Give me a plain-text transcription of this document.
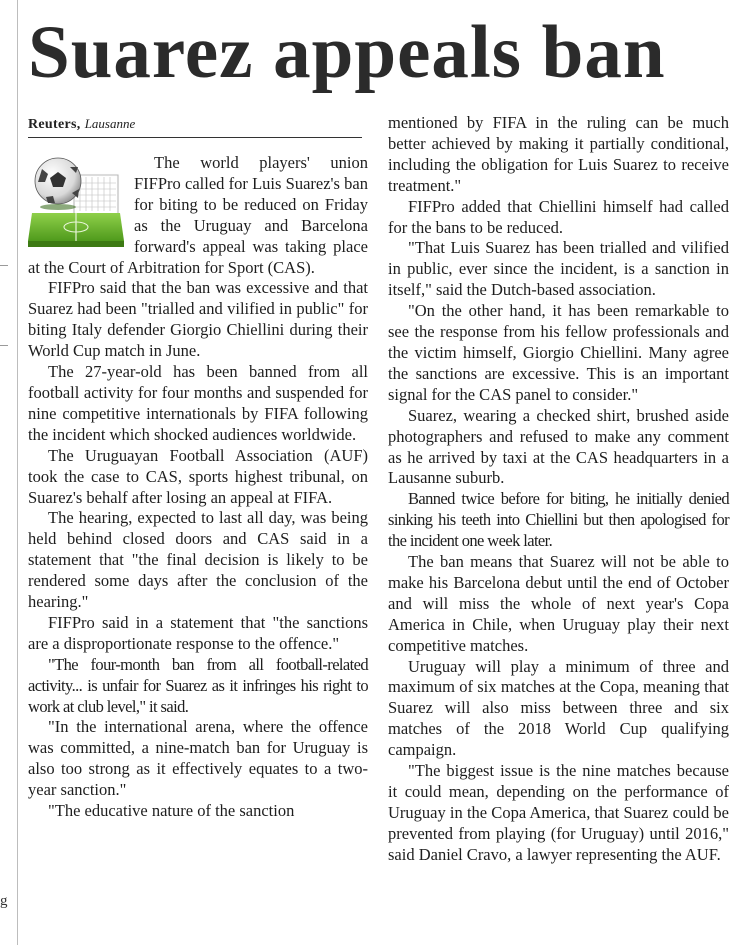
g
Suarez appeals ban
Reuters, Lausanne

The world players' union FIFPro called for Luis Suarez's ban for biting to be reduced on Friday as the Uruguay and Barcelona forward's appeal was taking place at the Court of Arbitration for Sport (CAS).

FIFPro said that the ban was excessive and that Suarez had been "trialled and vilified in public" for biting Italy defender Giorgio Chiellini during their World Cup match in June.

The 27-year-old has been banned from all football activity for four months and suspended for nine competitive internationals by FIFA following the incident which shocked audiences worldwide.

The Uruguayan Football Association (AUF) took the case to CAS, sports highest tribunal, on Suarez's behalf after losing an appeal at FIFA.

The hearing, expected to last all day, was being held behind closed doors and CAS said in a statement that "the final decision is likely to be rendered some days after the conclusion of the hearing."

FIFPro said in a statement that "the sanctions are a disproportionate response to the offence."

"The four-month ban from all football-related activity... is unfair for Suarez as it infringes his right to work at club level," it said.

"In the international arena, where the offence was committed, a nine-match ban for Uruguay is also too strong as it effectively equates to a two-year sanction."

"The educative nature of the sanction

mentioned by FIFA in the ruling can be much better achieved by making it partially conditional, including the obligation for Luis Suarez to receive treatment."

FIFPro added that Chiellini himself had called for the bans to be reduced.

"That Luis Suarez has been trialled and vilified in public, ever since the incident, is a sanction in itself," said the Dutch-based association.

"On the other hand, it has been remarkable to see the response from his fellow professionals and the victim himself, Giorgio Chiellini. Many agree the sanctions are excessive. This is an important signal for the CAS panel to consider."

Suarez, wearing a checked shirt, brushed aside photographers and refused to make any comment as he arrived by taxi at the CAS headquarters in a Lausanne suburb.

Banned twice before for biting, he initially denied sinking his teeth into Chiellini but then apologised for the incident one week later.

The ban means that Suarez will not be able to make his Barcelona debut until the end of October and will miss the whole of next year's Copa America in Chile, when Uruguay play their next competitive matches.

Uruguay will play a minimum of three and maximum of six matches at the Copa, meaning that Suarez will also miss between three and six matches of the 2018 World Cup qualifying campaign.

"The biggest issue is the nine matches because it could mean, depending on the performance of Uruguay in the Copa America, that Suarez could be prevented from playing (for Uruguay) until 2016," said Daniel Cravo, a lawyer representing the AUF.
